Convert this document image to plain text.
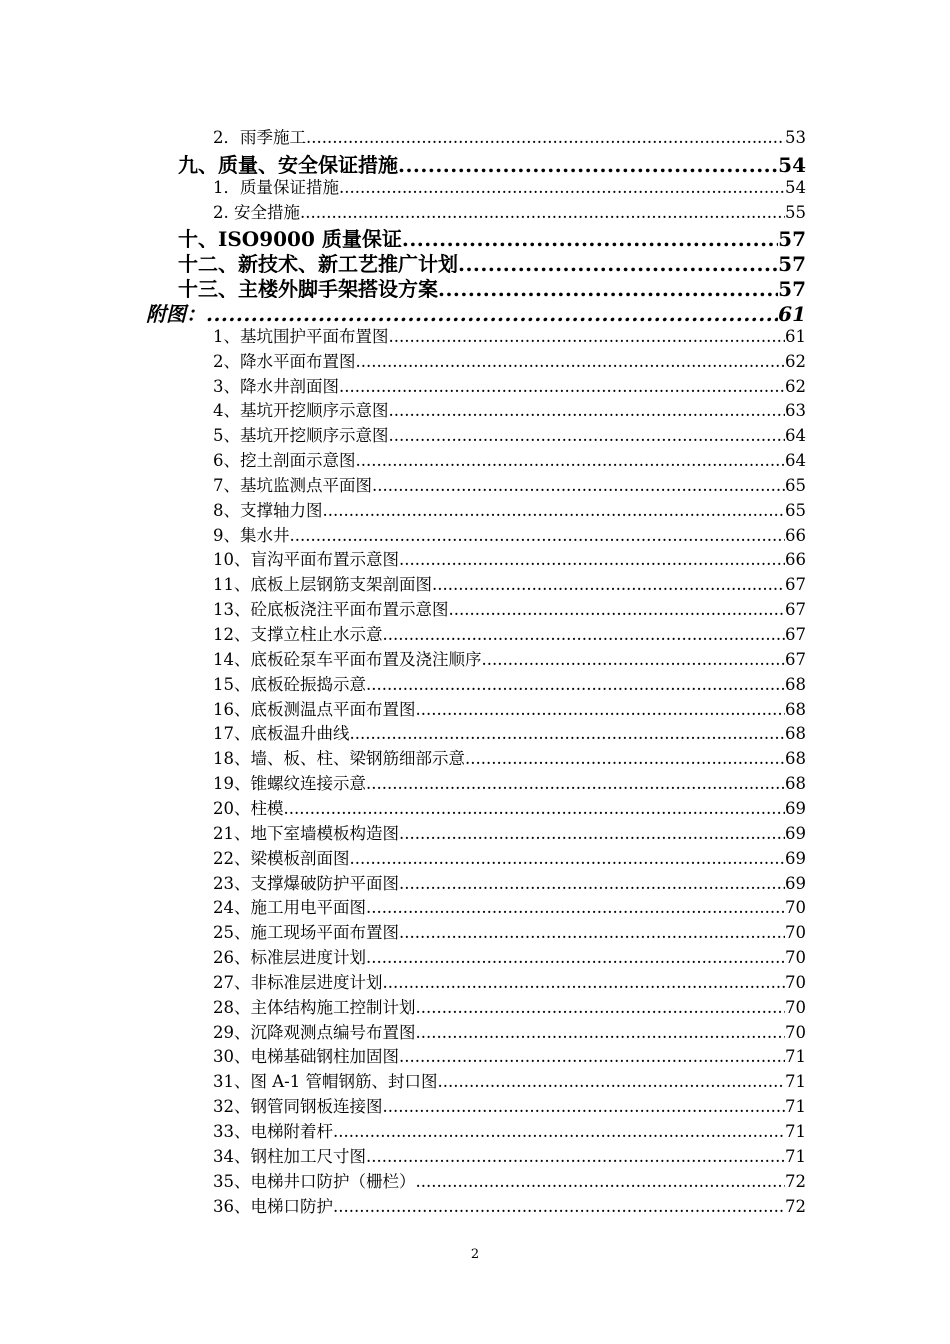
2．雨季施工 .....	53
九、质量、安全保证措施 .....	54
1．质量保证措施 .....	54
2. 安全措施 .....	55
十、ISO9000 质量保证 .....	57
十二、新技术、新工艺推广计划 .....	57
十三、主楼外脚手架搭设方案 .....	57
附图： .....	61
1、基坑围护平面布置图 .....	61
2、降水平面布置图 .....	62
3、降水井剖面图 .....	62
4、基坑开挖顺序示意图 .....	63
5、基坑开挖顺序示意图 .....	64
6、挖土剖面示意图 .....	64
7、基坑监测点平面图 .....	65
8、支撑轴力图 .....	65
9、集水井 .....	66
10、盲沟平面布置示意图 .....	66
11、底板上层钢筋支架剖面图 .....	67
13、砼底板浇注平面布置示意图 .....	67
12、支撑立柱止水示意 .....	67
14、底板砼泵车平面布置及浇注顺序 .....	67
15、底板砼振捣示意 .....	68
16、底板测温点平面布置图 .....	68
17、底板温升曲线 .....	68
18、墙、板、柱、梁钢筋细部示意 .....	68
19、锥螺纹连接示意 .....	68
20、柱模 .....	69
21、地下室墙模板构造图 .....	69
22、梁模板剖面图 .....	69
23、支撑爆破防护平面图 .....	69
24、施工用电平面图 .....	70
25、施工现场平面布置图 .....	70
26、标准层进度计划 .....	70
27、非标准层进度计划 .....	70
28、主体结构施工控制计划 .....	70
29、沉降观测点编号布置图 .....	70
30、电梯基础钢柱加固图 .....	71
31、图 A-1 管帽钢筋、封口图 .....	71
32、钢管同钢板连接图 .....	71
33、电梯附着杆 .....	71
34、钢柱加工尺寸图 .....	71
35、电梯井口防护（栅栏） .....	72
36、电梯口防护 .....	72
2
